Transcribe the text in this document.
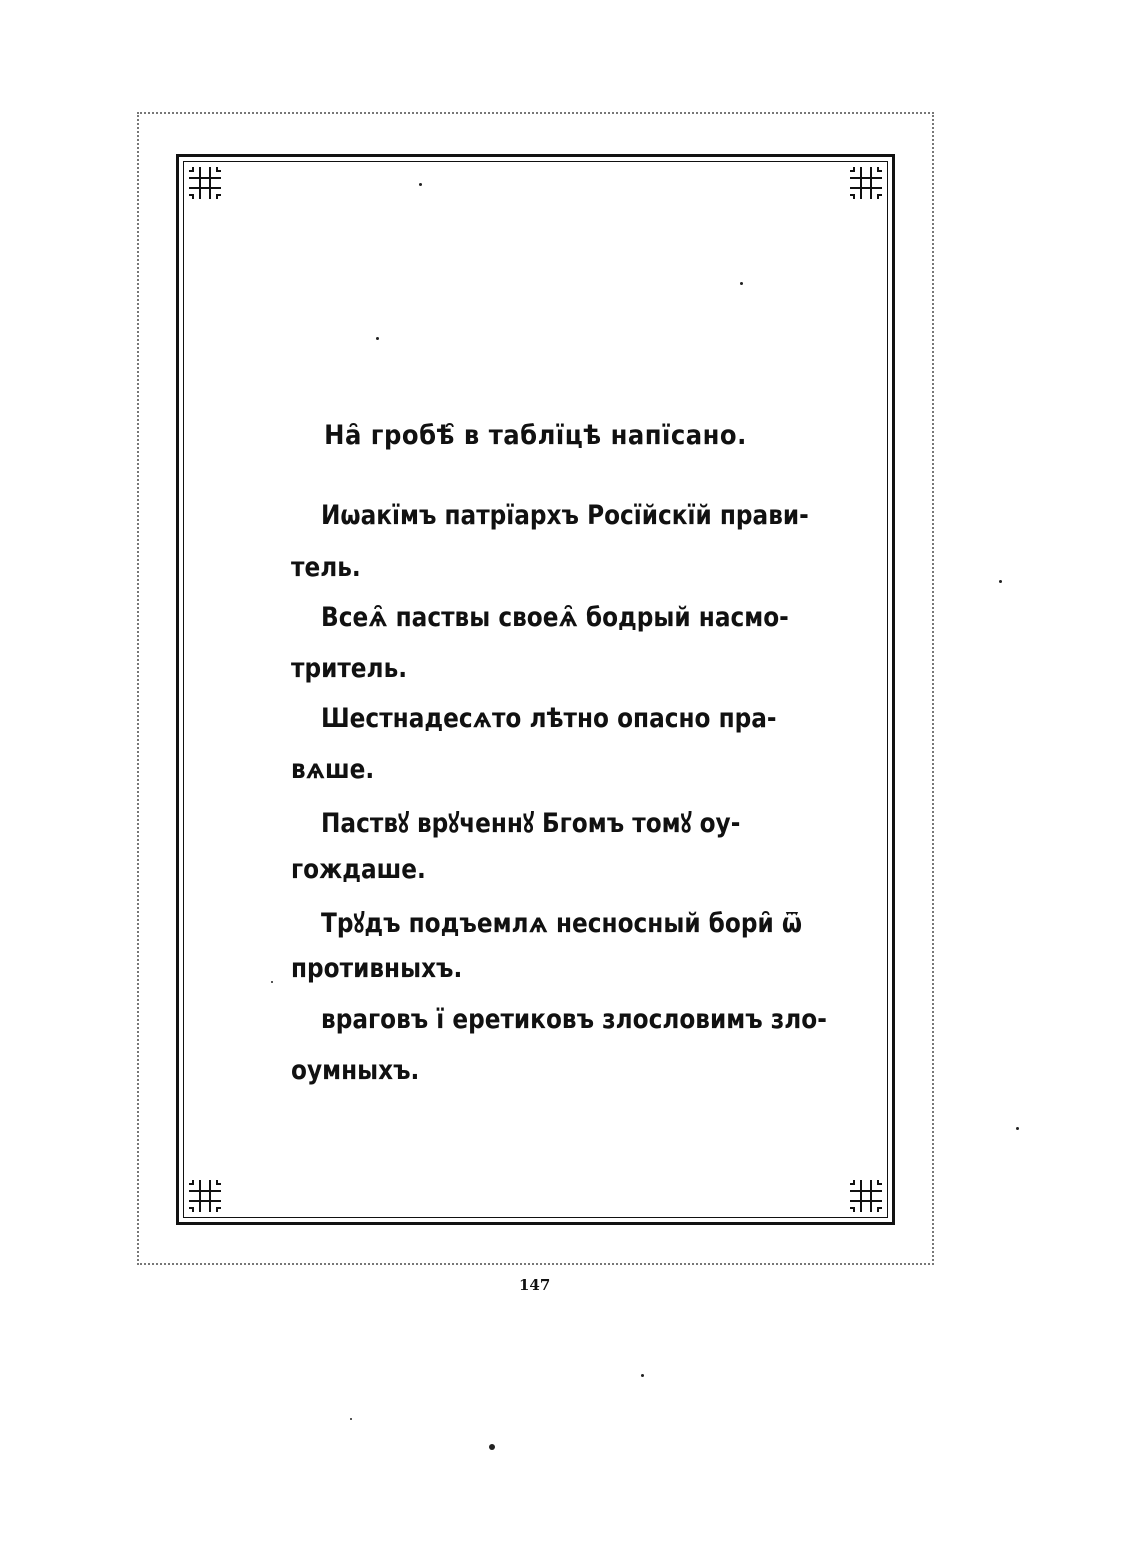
На̑ гробѣ̑ в таблїцѣ напїсано.
Иѡакїмъ патрїархъ Росїйскїй прави-
тель.
Всеѧ̑ паствы своеѧ̑ бодрый насмо-
тритель.
Шестнадесѧто лѣтно опасно пра-
вѧше.
Паствꙋ врꙋченнꙋ Бгомъ томꙋ оу-
гождаше.
Трꙋдъ подъемлѧ несносный бори̑ ѿ
противныхъ.
враговъ ї еретиковъ злословимъ зло-
оумныхъ.
147
